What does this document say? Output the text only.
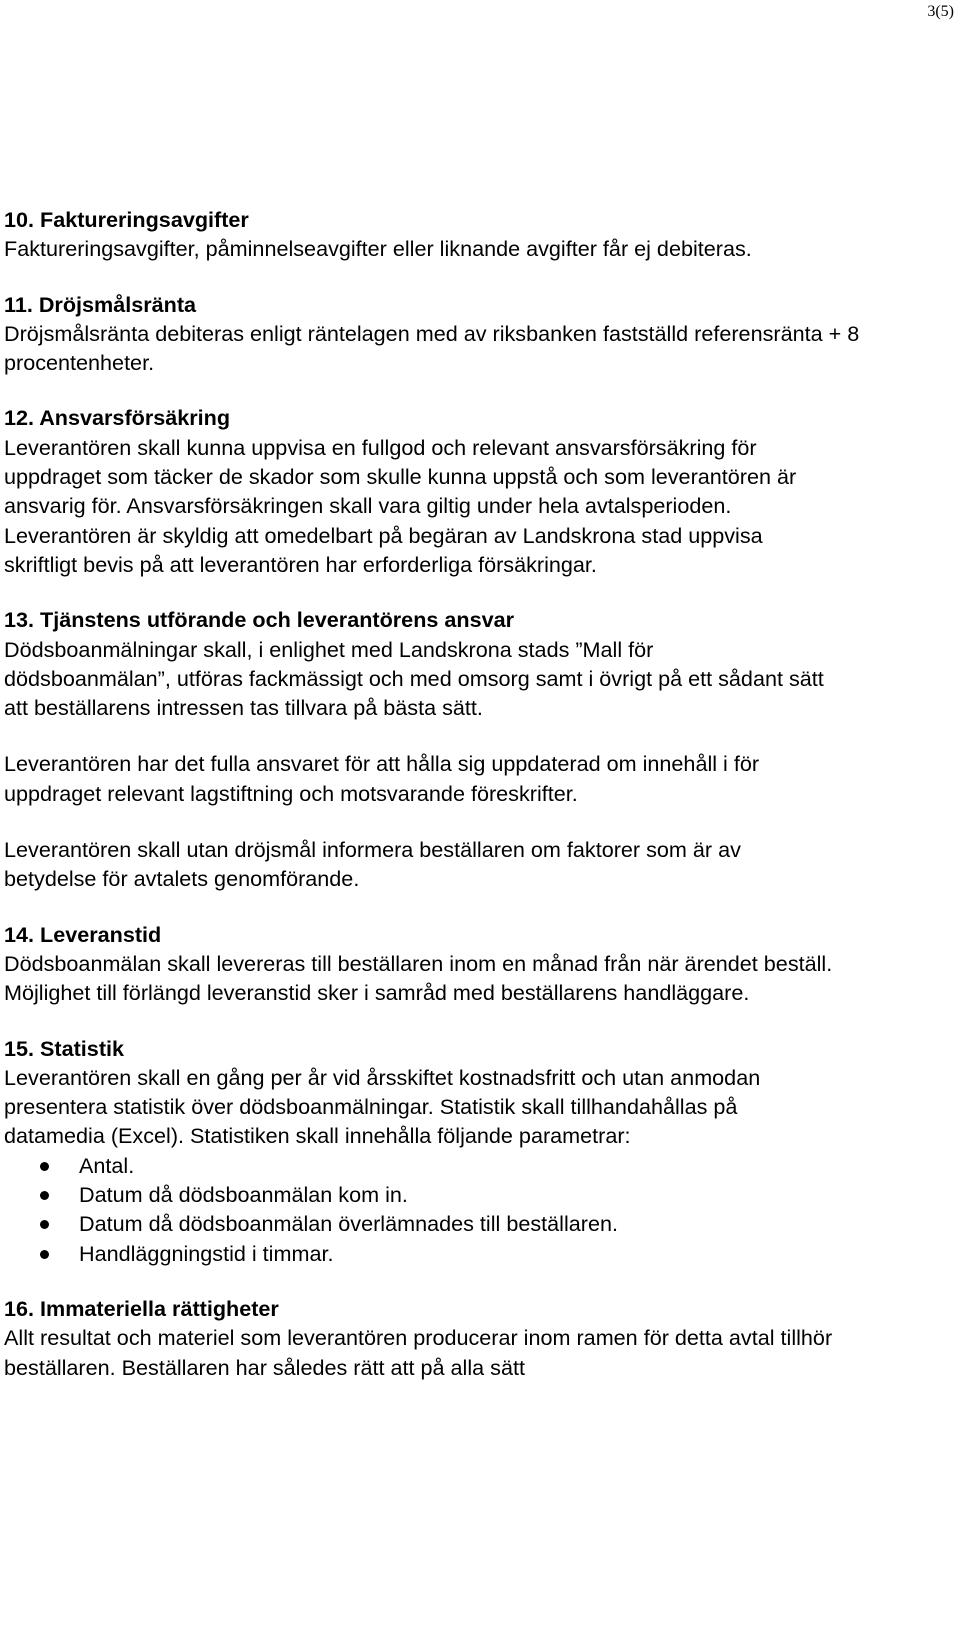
3(5)
10. Faktureringsavgifter
Faktureringsavgifter, påminnelseavgifter eller liknande avgifter får ej debiteras.
11. Dröjsmålsränta
Dröjsmålsränta debiteras enligt räntelagen med av riksbanken fastställd referensränta + 8 procentenheter.
12. Ansvarsförsäkring
Leverantören skall kunna uppvisa en fullgod och relevant ansvarsförsäkring för uppdraget som täcker de skador som skulle kunna uppstå och som leverantören är ansvarig för. Ansvarsförsäkringen skall vara giltig under hela avtalsperioden. Leverantören är skyldig att omedelbart på begäran av Landskrona stad uppvisa skriftligt bevis på att leverantören har erforderliga försäkringar.
13. Tjänstens utförande och leverantörens ansvar
Dödsboanmälningar skall, i enlighet med Landskrona stads ”Mall för dödsboanmälan”, utföras fackmässigt och med omsorg samt i övrigt på ett sådant sätt att beställarens intressen tas tillvara på bästa sätt.
Leverantören har det fulla ansvaret för att hålla sig uppdaterad om innehåll i för uppdraget relevant lagstiftning och motsvarande föreskrifter.
Leverantören skall utan dröjsmål informera beställaren om faktorer som är av betydelse för avtalets genomförande.
14. Leveranstid
Dödsboanmälan skall levereras till beställaren inom en månad från när ärendet beställ. Möjlighet till förlängd leveranstid sker i samråd med beställarens handläggare.
15. Statistik
Leverantören skall en gång per år vid årsskiftet kostnadsfritt och utan anmodan presentera statistik över dödsboanmälningar. Statistik skall tillhandahållas på datamedia (Excel). Statistiken skall innehålla följande parametrar:
Antal.
Datum då dödsboanmälan kom in.
Datum då dödsboanmälan överlämnades till beställaren.
Handläggningstid i timmar.
16. Immateriella rättigheter
Allt resultat och materiel som leverantören producerar inom ramen för detta avtal tillhör beställaren. Beställaren har således rätt att på alla sätt
